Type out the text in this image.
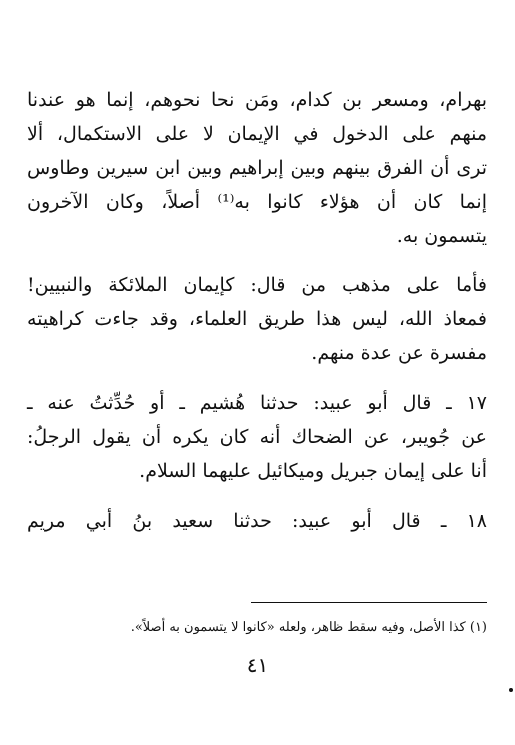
بهرام، ومسعر بن كدام، ومَن نحا نحوهم، إنما هو عندنا
منهم على الدخول في الإيمان لا على الاستكمال، ألا
ترى أن الفرق بينهم وبين إبراهيم وبين ابن سيرين وطاوس
إنما كان أن هؤلاء كانوا به⁽¹⁾ أصلاً، وكان الآخرون
يتسمون به.
فأما على مذهب من قال: كإيمان الملائكة والنبيين!
فمعاذ الله، ليس هذا طريق العلماء، وقد جاءت كراهيته
مفسرة عن عدة منهم.
١٧ ـ قال أبو عبيد: حدثنا هُشيم ـ أو حُدِّثتُ عنه ـ
عن جُويبر، عن الضحاك أنه كان يكره أن يقول الرجلُ:
أنا على إيمان جبريل وميكائيل عليهما السلام.
١٨ ـ قال أبو عبيد: حدثنا سعيد بنُ أبي مريم
(١) كذا الأصل، وفيه سقط ظاهر، ولعله «كانوا لا يتسمون به أصلاً».
٤١
